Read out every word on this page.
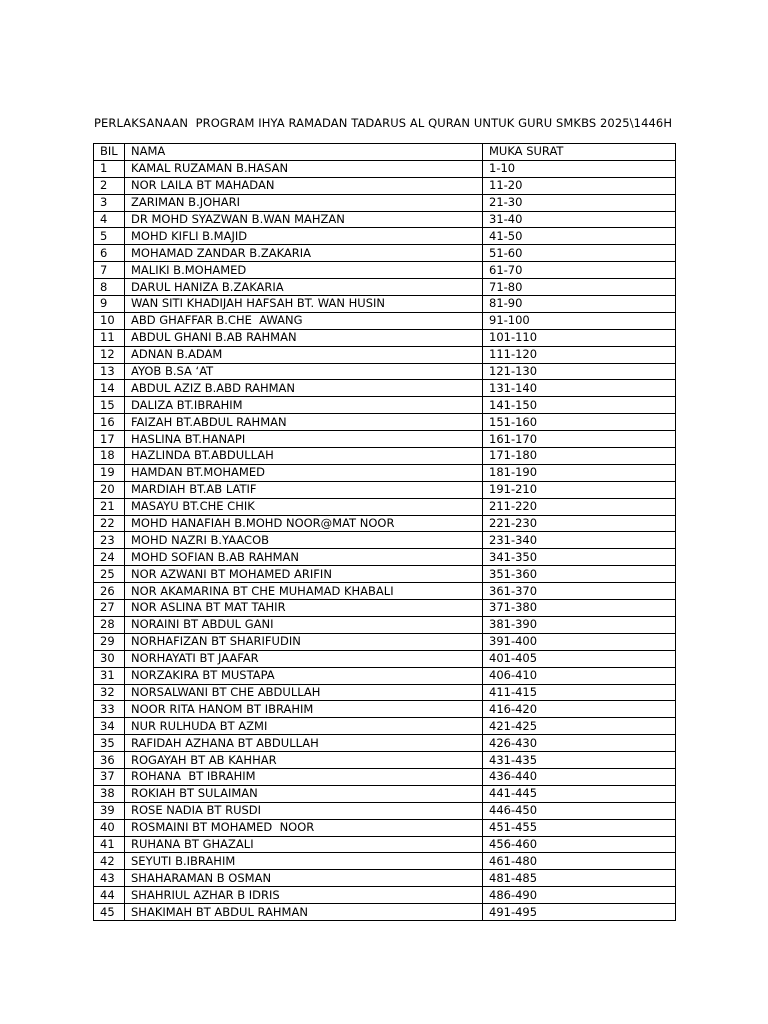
PERLAKSANAAN  PROGRAM IHYA RAMADAN TADARUS AL QURAN UNTUK GURU SMKBS 2025\1446H
BIL	NAMA	MUKA SURAT
1	KAMAL RUZAMAN B.HASAN	1-10
2	NOR LAILA BT MAHADAN	11-20
3	ZARIMAN B.JOHARI	21-30
4	DR MOHD SYAZWAN B.WAN MAHZAN	31-40
5	MOHD KIFLI B.MAJID	41-50
6	MOHAMAD ZANDAR B.ZAKARIA	51-60
7	MALIKI B.MOHAMED	61-70
8	DARUL HANIZA B.ZAKARIA	71-80
9	WAN SITI KHADIJAH HAFSAH BT. WAN HUSIN	81-90
10	ABD GHAFFAR B.CHE  AWANG	91-100
11	ABDUL GHANI B.AB RAHMAN	101-110
12	ADNAN B.ADAM	111-120
13	AYOB B.SA ‘AT	121-130
14	ABDUL AZIZ B.ABD RAHMAN	131-140
15	DALIZA BT.IBRAHIM	141-150
16	FAIZAH BT.ABDUL RAHMAN	151-160
17	HASLINA BT.HANAPI	161-170
18	HAZLINDA BT.ABDULLAH	171-180
19	HAMDAN BT.MOHAMED	181-190
20	MARDIAH BT.AB LATIF	191-210
21	MASAYU BT.CHE CHIK	211-220
22	MOHD HANAFIAH B.MOHD NOOR@MAT NOOR	221-230
23	MOHD NAZRI B.YAACOB	231-340
24	MOHD SOFIAN B.AB RAHMAN	341-350
25	NOR AZWANI BT MOHAMED ARIFIN	351-360
26	NOR AKAMARINA BT CHE MUHAMAD KHABALI	361-370
27	NOR ASLINA BT MAT TAHIR	371-380
28	NORAINI BT ABDUL GANI	381-390
29	NORHAFIZAN BT SHARIFUDIN	391-400
30	NORHAYATI BT JAAFAR	401-405
31	NORZAKIRA BT MUSTAPA	406-410
32	NORSALWANI BT CHE ABDULLAH	411-415
33	NOOR RITA HANOM BT IBRAHIM	416-420
34	NUR RULHUDA BT AZMI	421-425
35	RAFIDAH AZHANA BT ABDULLAH	426-430
36	ROGAYAH BT AB KAHHAR	431-435
37	ROHANA  BT IBRAHIM	436-440
38	ROKIAH BT SULAIMAN	441-445
39	ROSE NADIA BT RUSDI	446-450
40	ROSMAINI BT MOHAMED  NOOR	451-455
41	RUHANA BT GHAZALI	456-460
42	SEYUTI B.IBRAHIM	461-480
43	SHAHARAMAN B OSMAN	481-485
44	SHAHRIUL AZHAR B IDRIS	486-490
45	SHAKIMAH BT ABDUL RAHMAN	491-495
